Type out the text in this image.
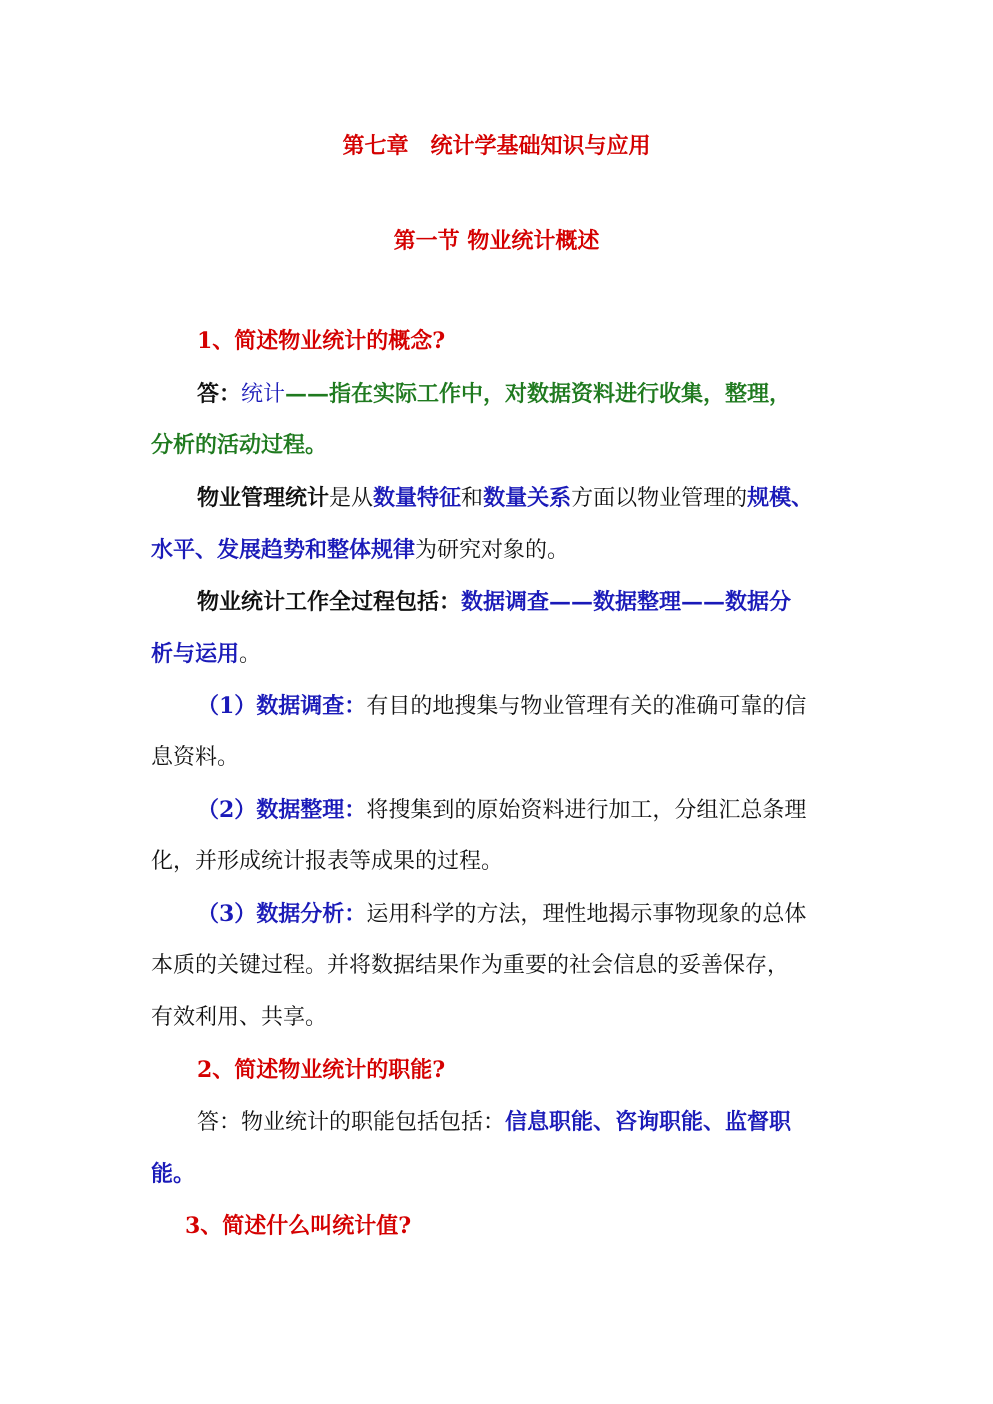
第七章　统计学基础知识与应用
第一节 物业统计概述
1、简述物业统计的概念?
答：统计——指在实际工作中，对数据资料进行收集，整理，
分析的活动过程。
物业管理统计是从数量特征和数量关系方面以物业管理的规模、
水平、发展趋势和整体规律为研究对象的。
物业统计工作全过程包括：数据调查——数据整理——数据分
析与运用。
（1）数据调查：有目的地搜集与物业管理有关的准确可靠的信
息资料。
（2）数据整理：将搜集到的原始资料进行加工，分组汇总条理
化，并形成统计报表等成果的过程。
（3）数据分析：运用科学的方法，理性地揭示事物现象的总体
本质的关键过程。并将数据结果作为重要的社会信息的妥善保存，
有效利用、共享。
2、简述物业统计的职能?
答：物业统计的职能包括包括：信息职能、咨询职能、监督职
能。
3、简述什么叫统计值?
